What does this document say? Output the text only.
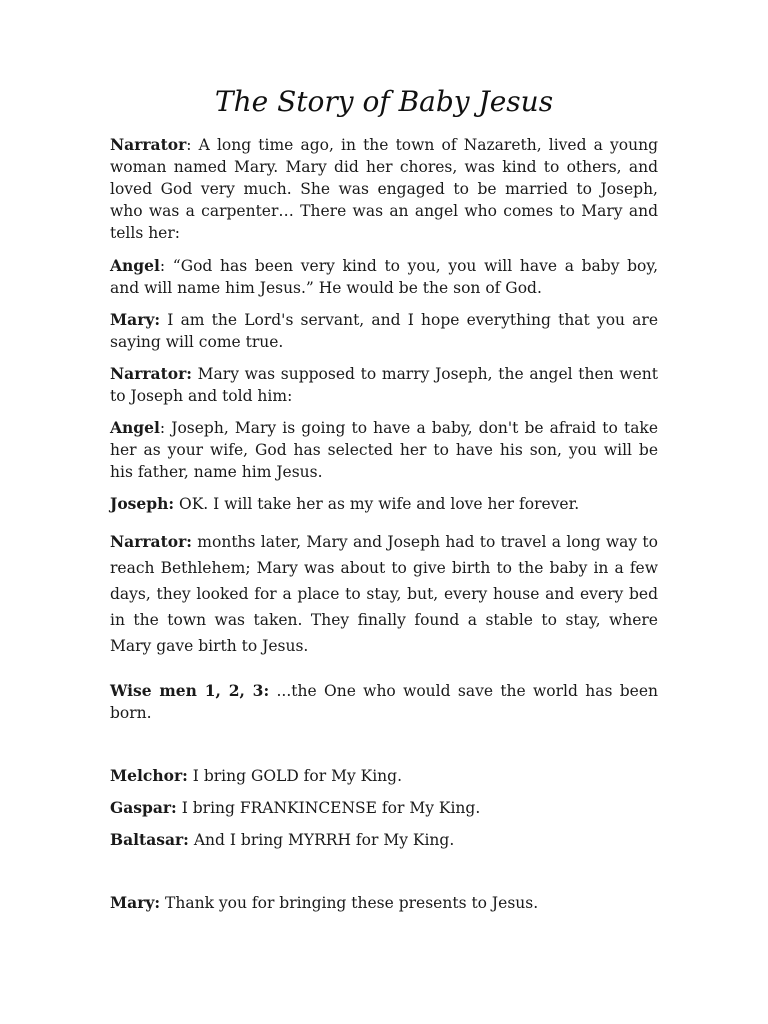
The Story of Baby Jesus
Narrator: A long time ago, in the town of Nazareth, lived a young
woman named Mary. Mary did her chores, was kind to others, and
loved God very much. She was engaged to be married to Joseph,
who was a carpenter… There was an angel who comes to Mary and
tells her:
Angel: “God has been very kind to you, you will have a baby boy,
and will name him Jesus.” He would be the son of God.
Mary: I am the Lord's servant, and I hope everything that you are
saying will come true.
Narrator: Mary was supposed to marry Joseph, the angel then went
to Joseph and told him:
Angel: Joseph, Mary is going to have a baby, don't be afraid to take
her as your wife, God has selected her to have his son, you will be
his father, name him Jesus.
Joseph: OK. I will take her as my wife and love her forever.
Narrator: months later, Mary and Joseph had to travel a long way to
reach Bethlehem; Mary was about to give birth to the baby in a few
days, they looked for a place to stay, but, every house and every bed
in the town was taken. They finally found a stable to stay, where
Mary gave birth to Jesus.
Wise men 1, 2, 3: ...the One who would save the world has been
born.
Melchor: I bring GOLD for My King.
Gaspar: I bring FRANKINCENSE for My King.
Baltasar: And I bring MYRRH for My King.
Mary: Thank you for bringing these presents to Jesus.
